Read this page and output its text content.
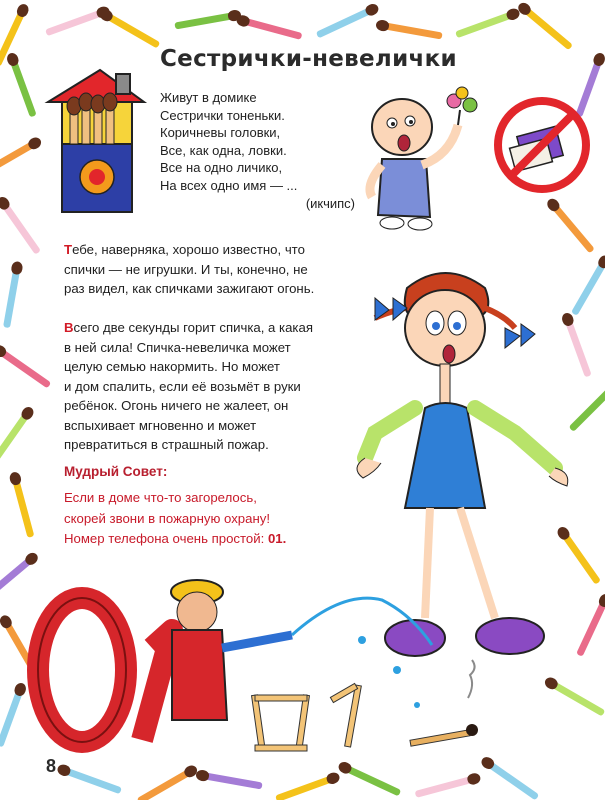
Сестрички-невелички
Живут в домике
Сестрички тоненьки.
Коричневы головки,
Все, как одна, ловки.
Все на одно личико,
На всех одно имя — ...
(икчипс)
Тебе, наверняка, хорошо известно, что
спички — не игрушки. И ты, конечно, не
раз видел, как спичками зажигают огонь.
Всего две секунды горит спичка, а какая
в ней сила! Спичка-невеличка может
целую семью накормить. Но может
и дом спалить, если её возьмёт в руки
ребёнок. Огонь ничего не жалеет, он
вспыхивает мгновенно и может
превратиться в страшный пожар.
Мудрый Совет:
Если в доме что-то загорелось,
скорей звони в пожарную охрану!
Номер телефона очень простой: 01.
8
